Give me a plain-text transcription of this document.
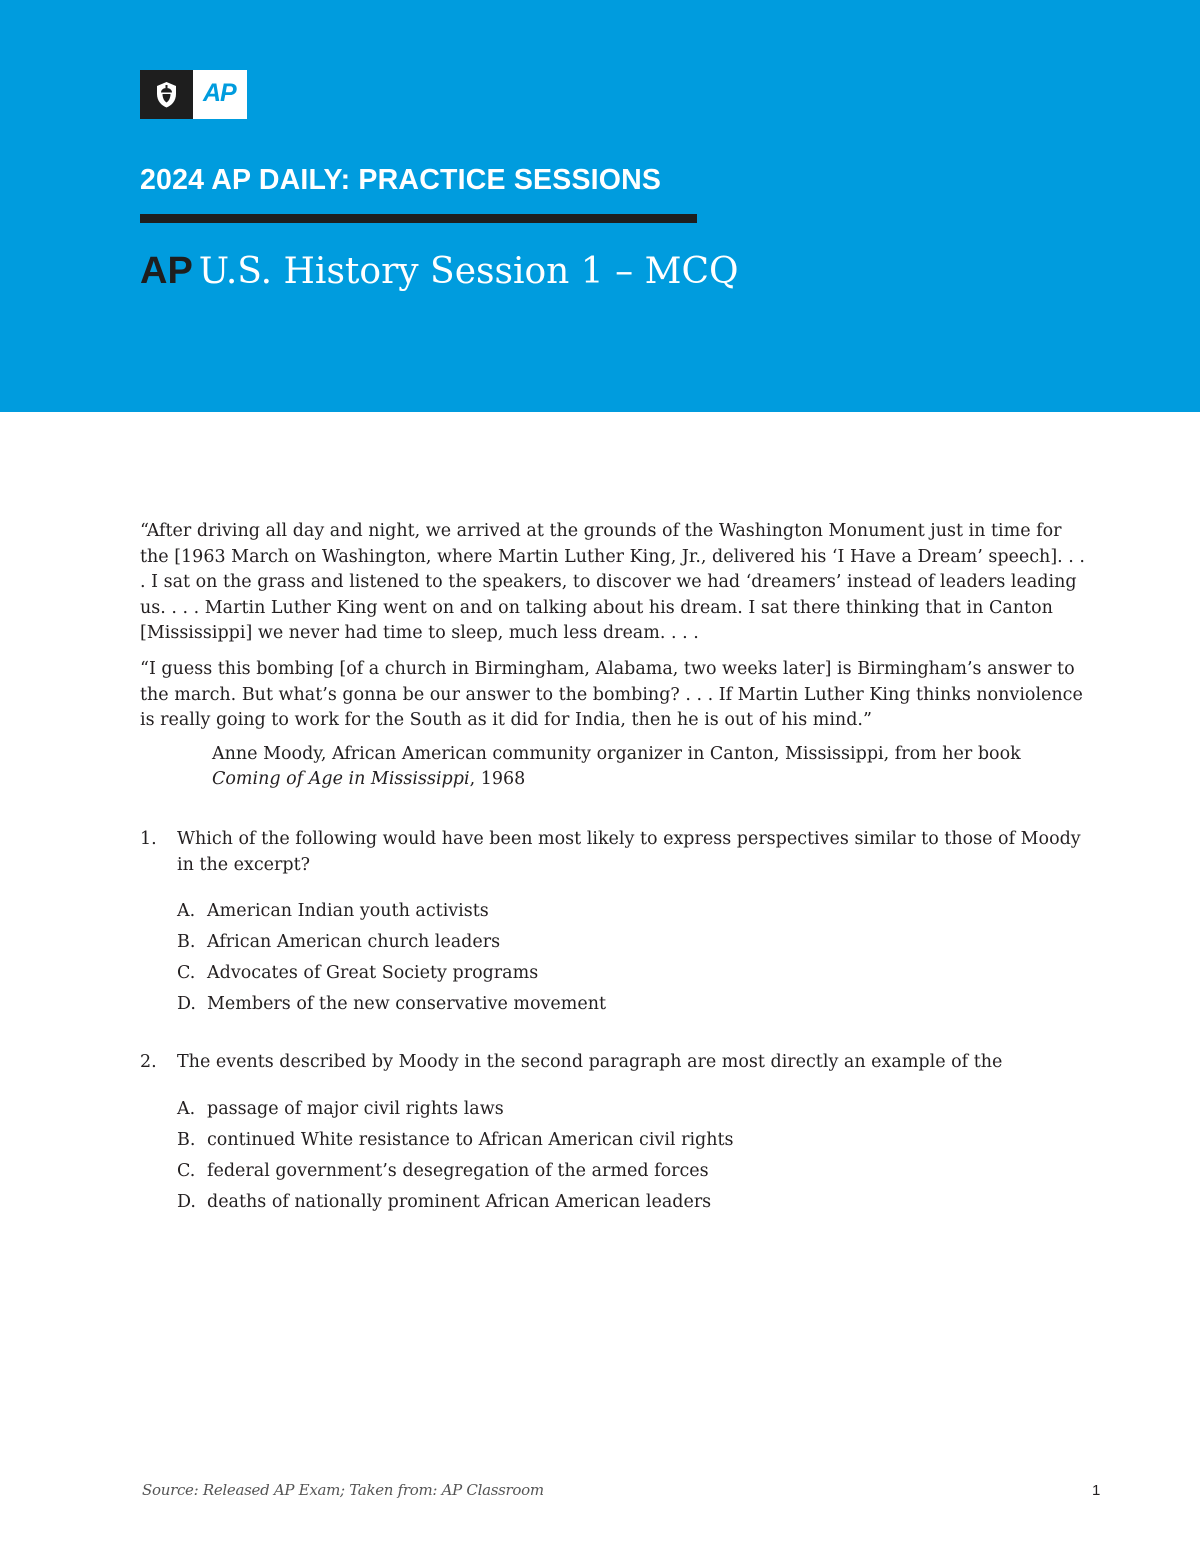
AP
2024 AP DAILY: PRACTICE SESSIONS
AP U.S. History Session 1 – MCQ

“After driving all day and night, we arrived at the grounds of the Washington Monument just in time for the [1963 March on Washington, where Martin Luther King, Jr., delivered his ‘I Have a Dream’ speech]. . . . I sat on the grass and listened to the speakers, to discover we had ‘dreamers’ instead of leaders leading us. . . . Martin Luther King went on and on talking about his dream. I sat there thinking that in Canton [Mississippi] we never had time to sleep, much less dream. . . .

“I guess this bombing [of a church in Birmingham, Alabama, two weeks later] is Birmingham’s answer to the march. But what’s gonna be our answer to the bombing? . . . If Martin Luther King thinks nonviolence is really going to work for the South as it did for India, then he is out of his mind.”

Anne Moody, African American community organizer in Canton, Mississippi, from her book
Coming of Age in Mississippi, 1968

1. Which of the following would have been most likely to express perspectives similar to those of Moody in the excerpt?
A. American Indian youth activists
B. African American church leaders
C. Advocates of Great Society programs
D. Members of the new conservative movement
2. The events described by Moody in the second paragraph are most directly an example of the
A. passage of major civil rights laws
B. continued White resistance to African American civil rights
C. federal government’s desegregation of the armed forces
D. deaths of nationally prominent African American leaders
Source: Released AP Exam; Taken from: AP Classroom	1
